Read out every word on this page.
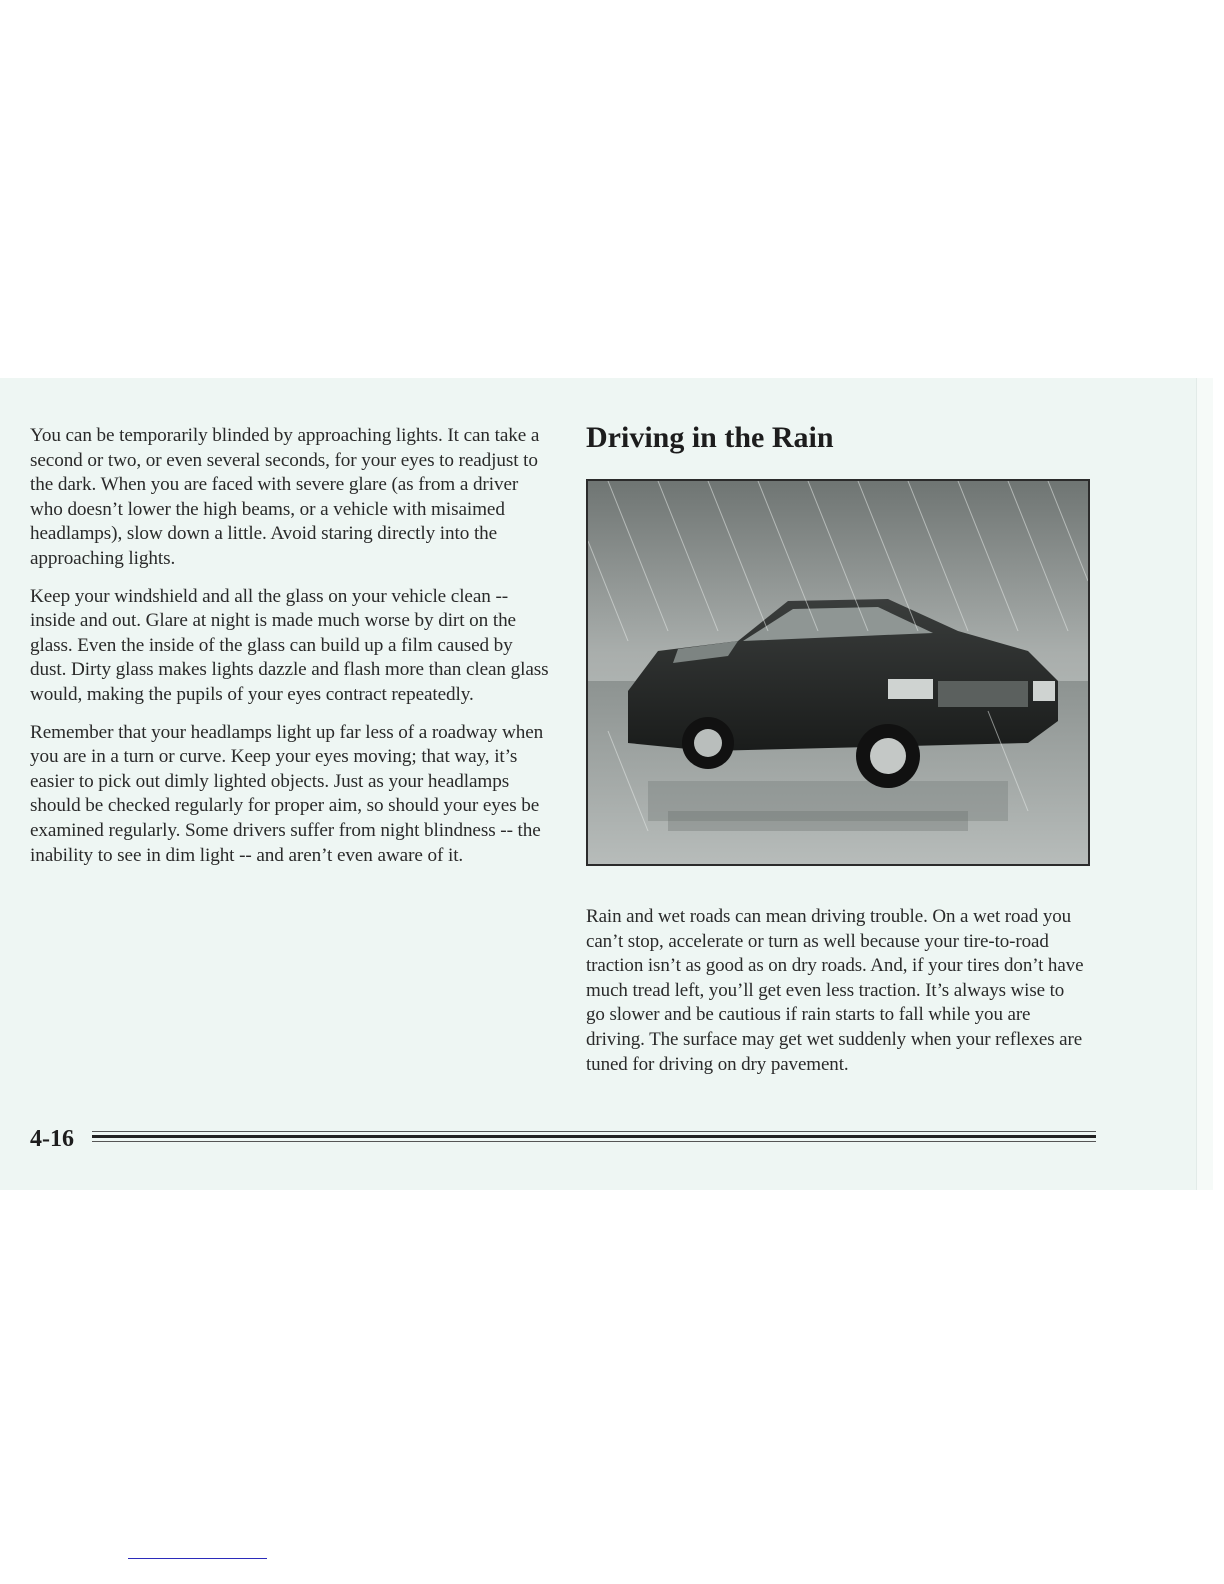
You can be temporarily blinded by approaching lights. It can take a second or two, or even several seconds, for your eyes to readjust to the dark. When you are faced with severe glare (as from a driver who doesn’t lower the high beams, or a vehicle with misaimed headlamps), slow down a little. Avoid staring directly into the approaching lights.

Keep your windshield and all the glass on your vehicle clean -- inside and out. Glare at night is made much worse by dirt on the glass. Even the inside of the glass can build up a film caused by dust. Dirty glass makes lights dazzle and flash more than clean glass would, making the pupils of your eyes contract repeatedly.

Remember that your headlamps light up far less of a roadway when you are in a turn or curve. Keep your eyes moving; that way, it’s easier to pick out dimly lighted objects. Just as your headlamps should be checked regularly for proper aim, so should your eyes be examined regularly. Some drivers suffer from night blindness -- the inability to see in dim light -- and aren’t even aware of it.

Driving in the Rain

Rain and wet roads can mean driving trouble. On a wet road you can’t stop, accelerate or turn as well because your tire-to-road traction isn’t as good as on dry roads. And, if your tires don’t have much tread left, you’ll get even less traction. It’s always wise to go slower and be cautious if rain starts to fall while you are driving. The surface may get wet suddenly when your reflexes are tuned for driving on dry pavement.

4-16
